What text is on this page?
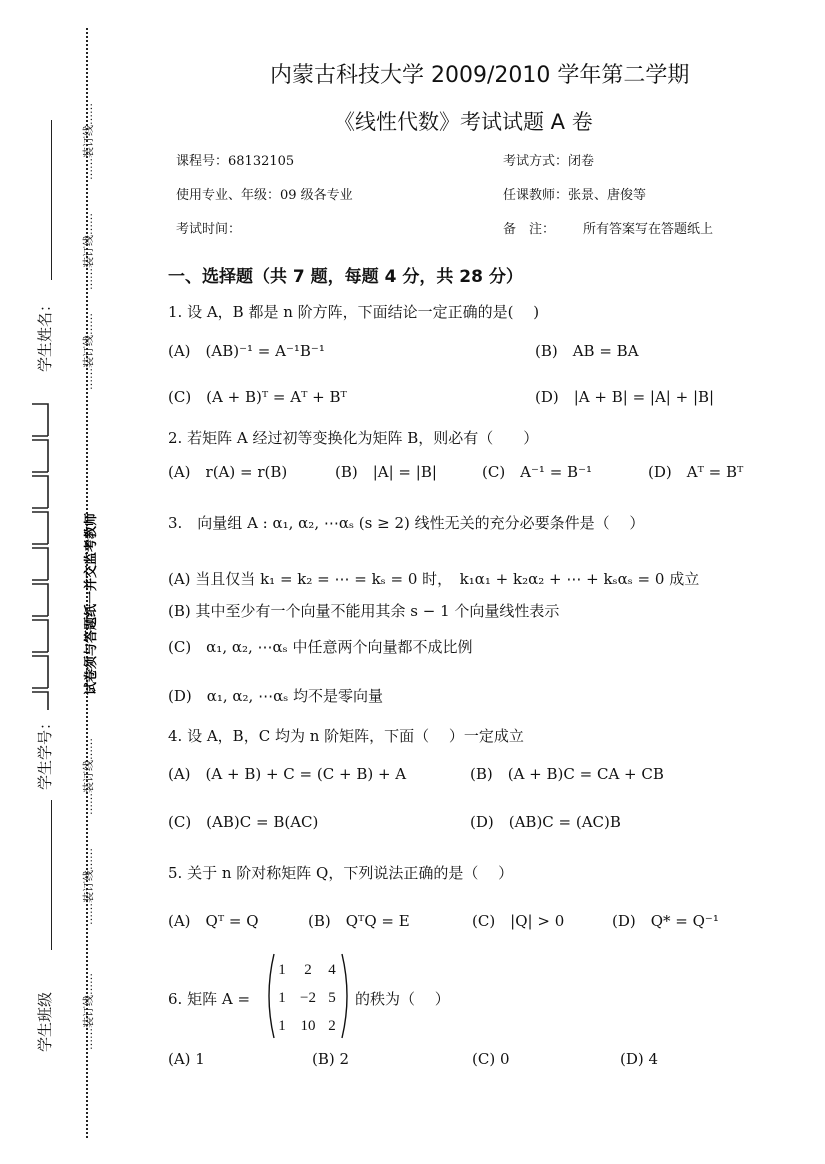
……装订线……
……装订线……
……装订线……
试卷须与答题纸一并交监考教师
……装订线……
……装订线……
……装订线……
学生姓名：
学生学号：
学生班级
内蒙古科技大学 2009/2010 学年第二学期
《线性代数》考试试题 A 卷
课程号：68132105	考试方式：闭卷
使用专业、年级：09 级各专业	任课教师：张景、唐俊等
考试时间：	备　注： 所有答案写在答题纸上
一、选择题（共 7 题，每题 4 分，共 28 分）
1. 设 A，B 都是 n 阶方阵，下面结论一定正确的是(　 )
(A)　(AB)⁻¹ = A⁻¹B⁻¹	(B)　AB = BA
(C)　(A + B)ᵀ = Aᵀ + Bᵀ	(D)　|A + B| = |A| + |B|
2. 若矩阵 A 经过初等变换化为矩阵 B，则必有（　　）
(A)　r(A) = r(B)	(B)　|A| = |B|	(C)　A⁻¹ = B⁻¹	(D)　Aᵀ = Bᵀ
3.　向量组 A : α₁, α₂, ⋯αₛ (s ≥ 2) 线性无关的充分必要条件是（　 ）
(A) 当且仅当 k₁ = k₂ = ⋯ = kₛ = 0 时，　k₁α₁ + k₂α₂ + ⋯ + kₛαₛ = 0 成立
(B) 其中至少有一个向量不能用其余 s − 1 个向量线性表示
(C)　α₁, α₂, ⋯αₛ 中任意两个向量都不成比例
(D)　α₁, α₂, ⋯αₛ 均不是零向量
4. 设 A，B，C 均为 n 阶矩阵，下面（　 ）一定成立
(A)　(A + B) + C = (C + B) + A	(B)　(A + B)C = CA + CB
(C)　(AB)C = B(AC)	(D)　(AB)C = (AC)B
5. 关于 n 阶对称矩阵 Q，下列说法正确的是（　 ）
(A)　Qᵀ = Q	(B)　QᵀQ = E	(C)　|Q| > 0	(D)　Q* = Q⁻¹
6. 矩阵 A =
1 2 4
1 −2 5
1 10 2
的秩为（　 ）
(A) 1	(B) 2	(C) 0	(D) 4
